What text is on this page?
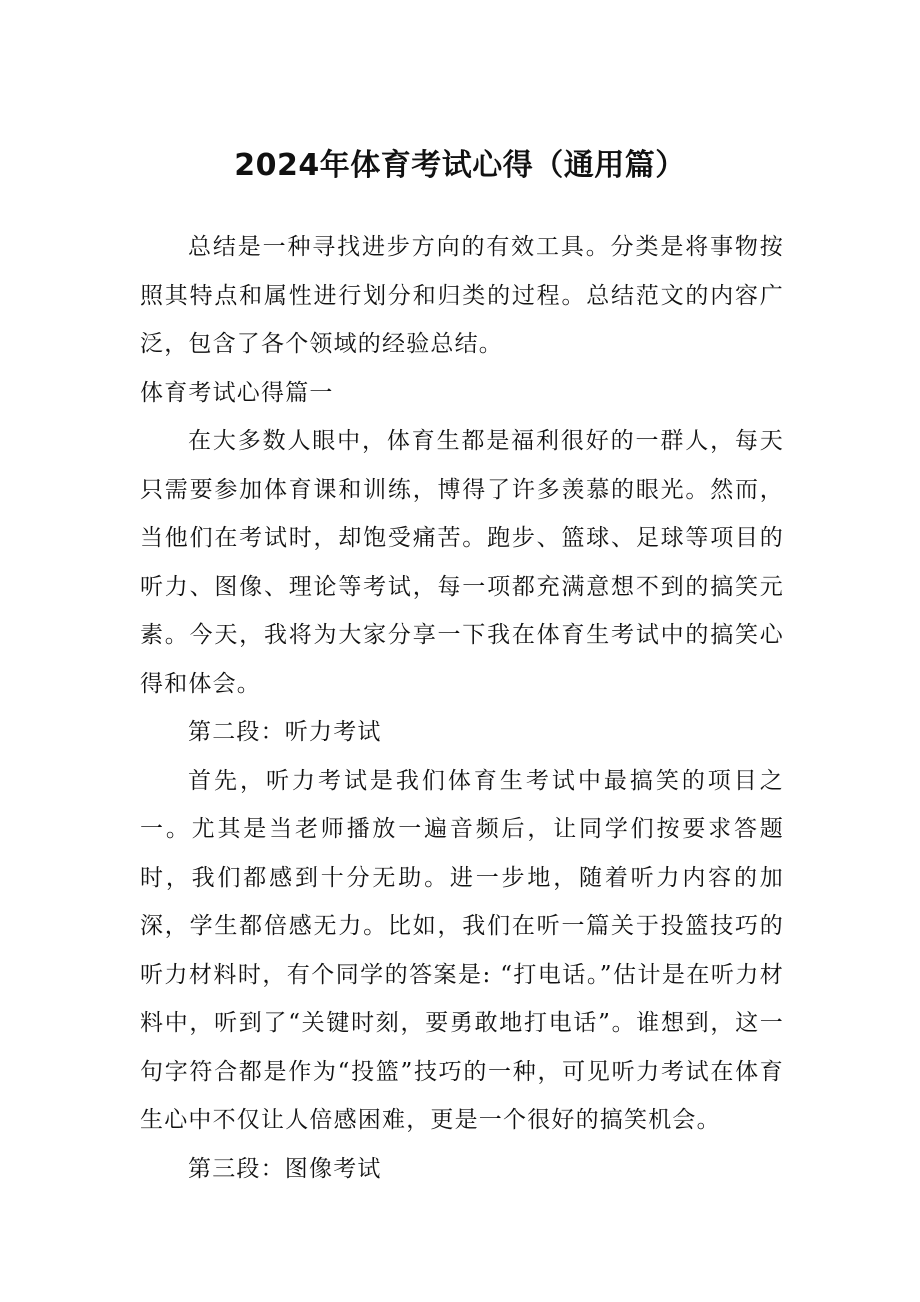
2024年体育考试心得（通用篇）

总结是一种寻找进步方向的有效工具。分类是将事物按照其特点和属性进行划分和归类的过程。总结范文的内容广泛，包含了各个领域的经验总结。

体育考试心得篇一

在大多数人眼中，体育生都是福利很好的一群人，每天只需要参加体育课和训练，博得了许多羡慕的眼光。然而，当他们在考试时，却饱受痛苦。跑步、篮球、足球等项目的听力、图像、理论等考试，每一项都充满意想不到的搞笑元素。今天，我将为大家分享一下我在体育生考试中的搞笑心得和体会。

第二段：听力考试

首先，听力考试是我们体育生考试中最搞笑的项目之一。尤其是当老师播放一遍音频后，让同学们按要求答题时，我们都感到十分无助。进一步地，随着听力内容的加深，学生都倍感无力。比如，我们在听一篇关于投篮技巧的听力材料时，有个同学的答案是: “打电话。”估计是在听力材料中，听到了“关键时刻，要勇敢地打电话”。谁想到，这一句字符合都是作为“投篮”技巧的一种，可见听力考试在体育生心中不仅让人倍感困难，更是一个很好的搞笑机会。

第三段：图像考试
